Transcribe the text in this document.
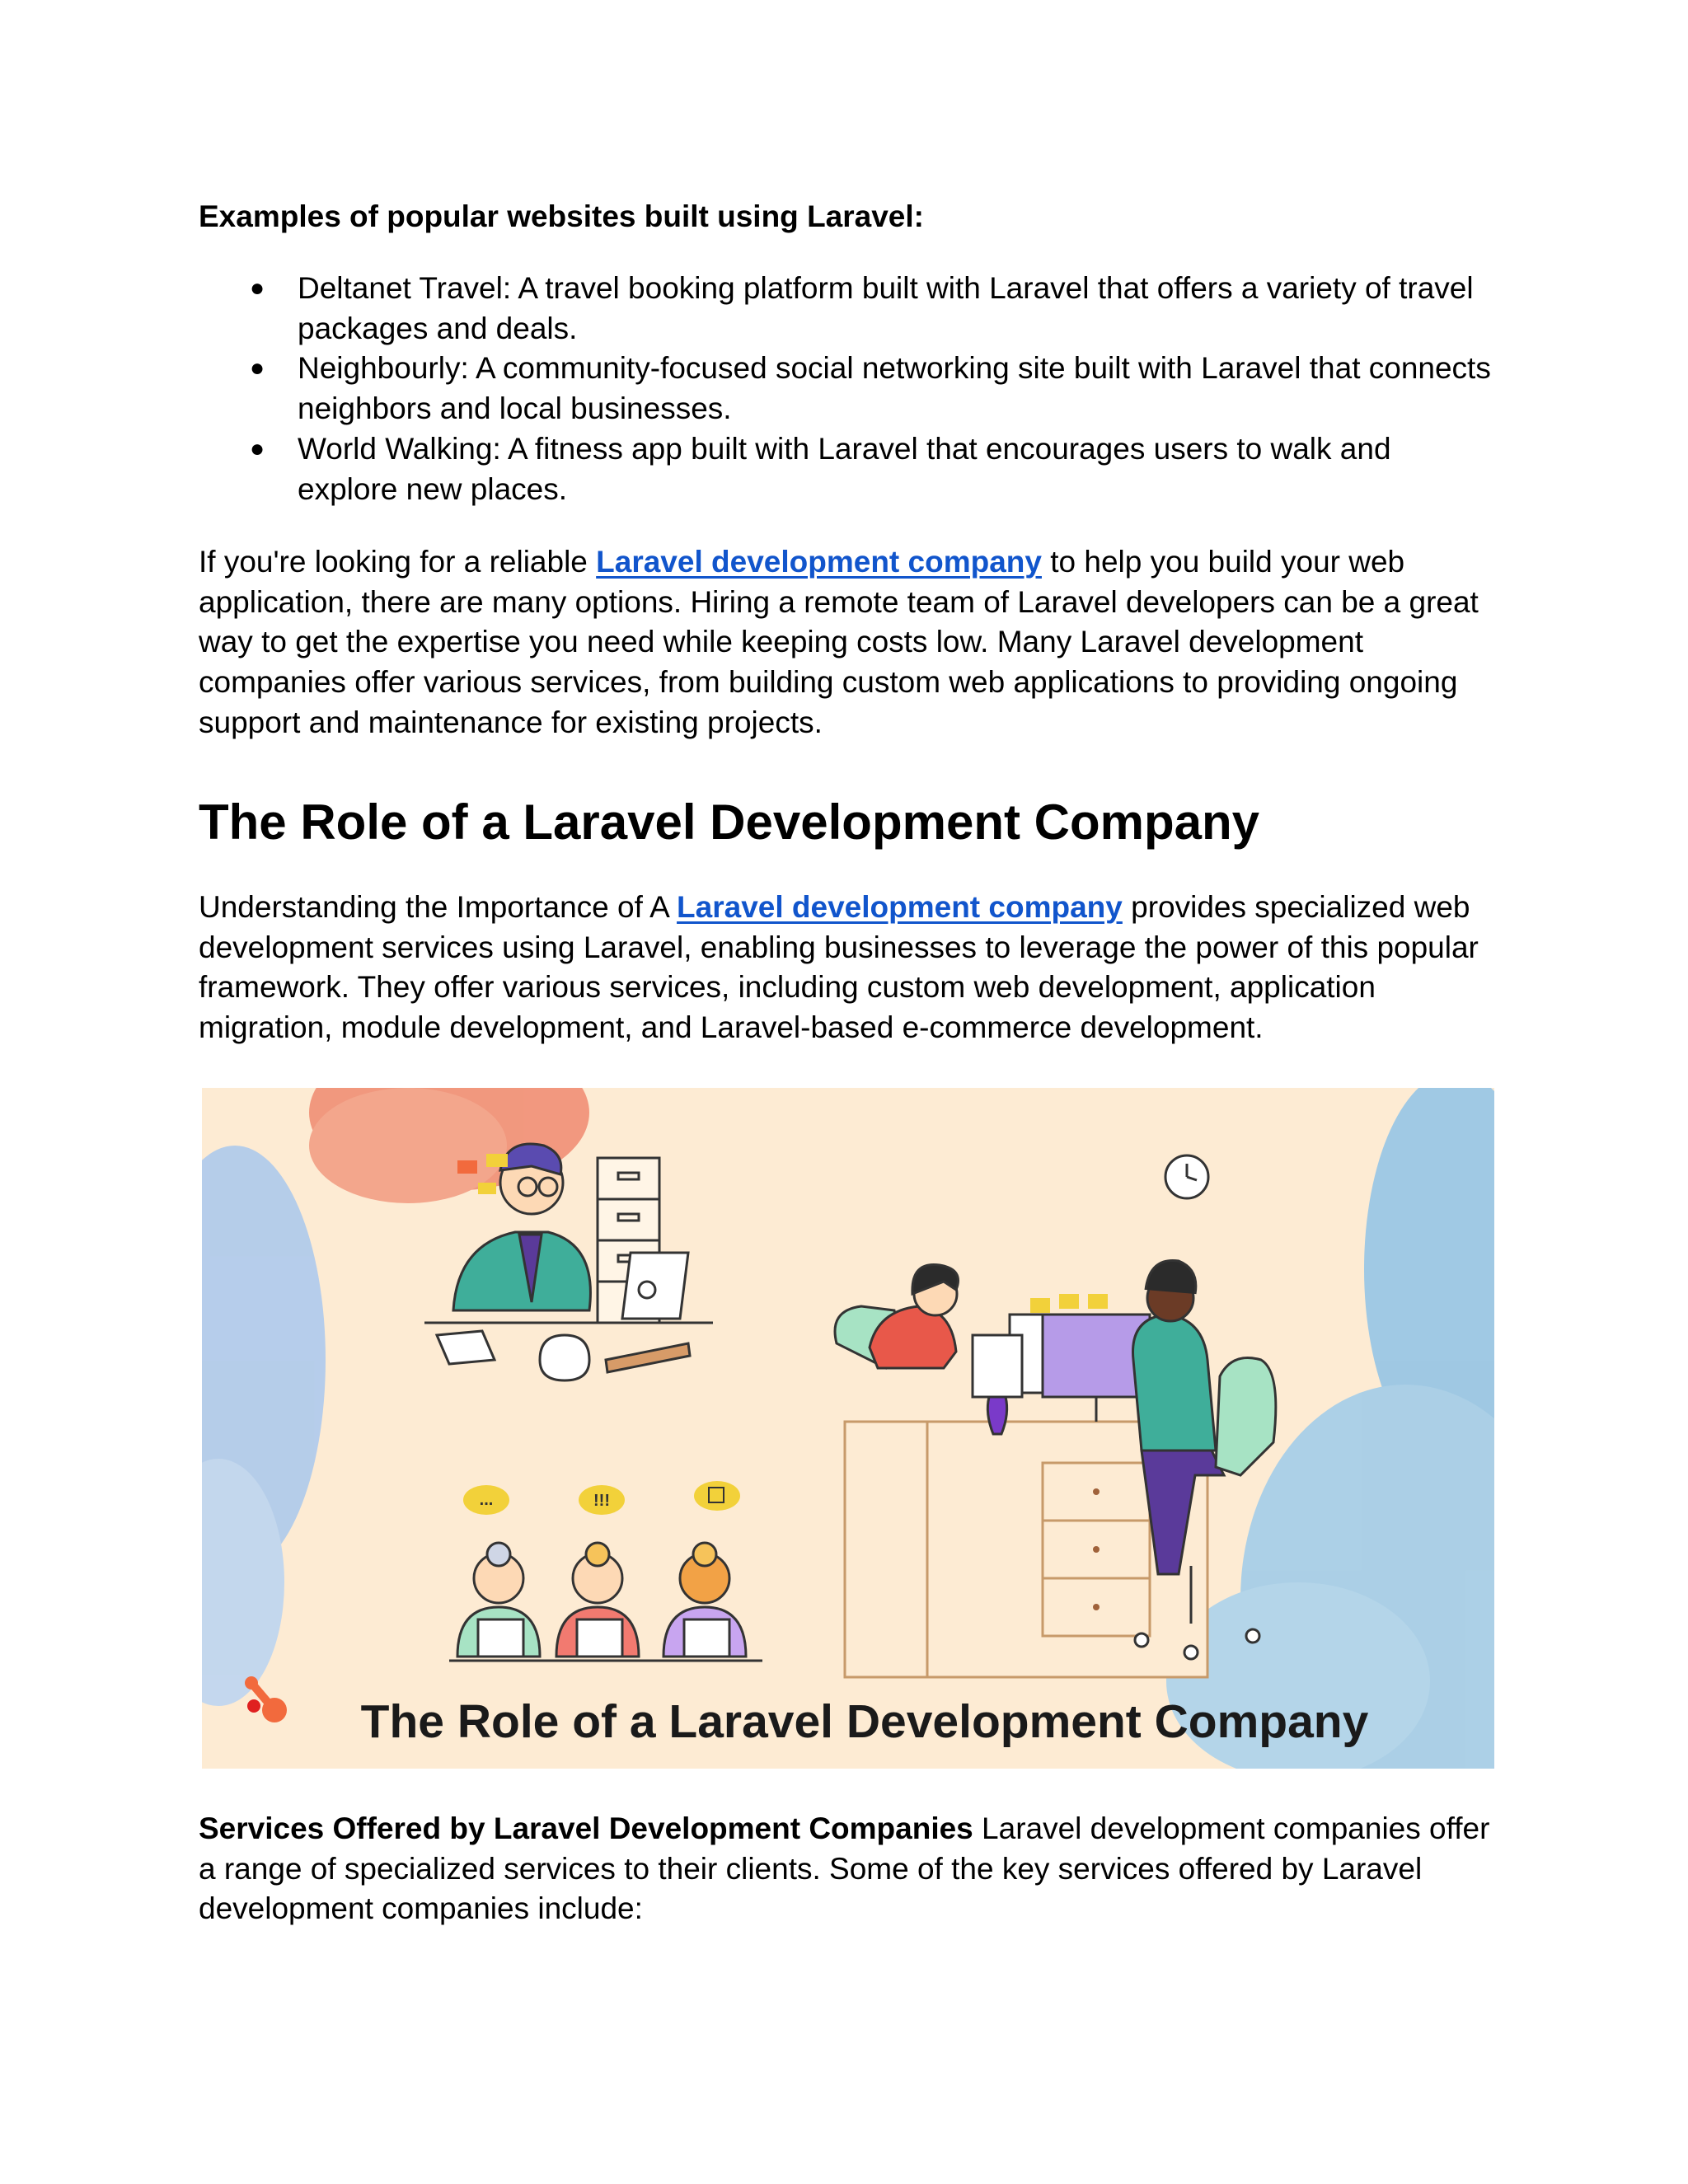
Examples of popular websites built using Laravel:

● Deltanet Travel: A travel booking platform built with Laravel that offers a variety of travel
packages and deals.
● Neighbourly: A community-focused social networking site built with Laravel that connects
neighbors and local businesses.
● World Walking: A fitness app built with Laravel that encourages users to walk and
explore new places.

If you're looking for a reliable Laravel development company to help you build your web

application, there are many options. Hiring a remote team of Laravel developers can be a great

way to get the expertise you need while keeping costs low. Many Laravel development

companies offer various services, from building custom web applications to providing ongoing

support and maintenance for existing projects.

The Role of a Laravel Development Company

Understanding the Importance of A Laravel development company provides specialized web

development services using Laravel, enabling businesses to leverage the power of this popular

framework. They offer various services, including custom web development, application

migration, module development, and Laravel-based e-commerce development.

...	!!!
The Role of a Laravel Development Company

Services Offered by Laravel Development Companies Laravel development companies offer

a range of specialized services to their clients. Some of the key services offered by Laravel

development companies include:
